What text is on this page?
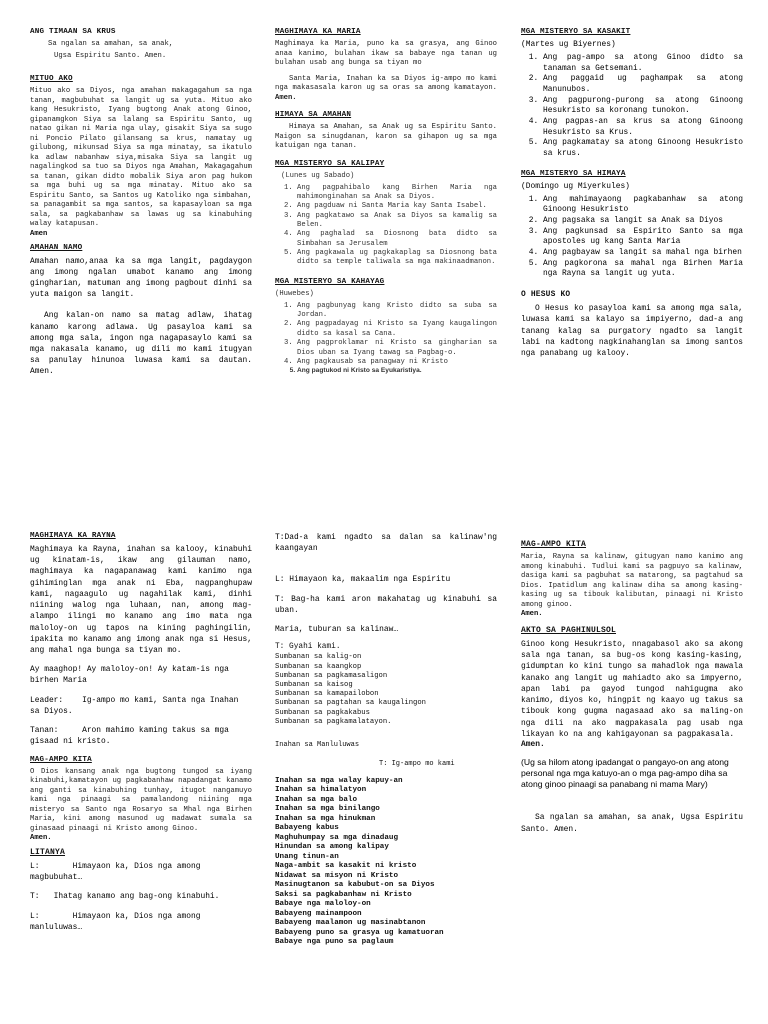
ANG TIMAAN SA KRUS
Sa ngalan sa amahan, sa anak,
Ugsa Espiritu Santo. Amen.
MITUO AKO
Mituo ako sa Diyos, nga amahan makagagahum sa nga tanan, magbubuhat sa langit ug sa yuta. Mituo ako kang Hesukristo, Iyang bugtong Anak atong Ginoo, gipanamgkon Siya sa lalang sa Espiritu Santo, ug natao gikan ni Maria nga ulay, gisakit Siya sa sugo ni Poncio Pilato gilansang sa krus, namatay ug gilubong, mikunsad Siya sa mga minatay, sa ikatulo ka adlaw nabanhaw siya,misaka Siya sa langit ug nagalingkod sa tuo sa Diyos nga Amahan, Makagagahum sa tanan, gikan didto mobalik Siya aron pag hukom sa mga buhi ug sa mga minatay. Mituo ako sa Espiritu Santo, sa Santos ug Katoliko nga simbahan, sa panagambit sa mga santos, sa kapasayloan sa mga sala, sa pagkabanhaw sa lawas ug sa kinabuhing walay katapusan.
Amen
AMAHAN NAMO
Amahan namo,anaa ka sa mga langit, pagdaygon ang imong ngalan umabot kanamo ang imong gingharian, matuman ang imong pagbout dinhi sa yuta maigon sa langit.
Ang kalan-on namo sa matag adlaw, ihatag kanamo karong adlawa. Ug pasayloa kami sa among mga sala, ingon nga nagapasaylo kami sa mga nakasala kanamo, ug dili mo kami itugyan sa panulay hinunoa luwasa kami sa dautan. Amen.
MAGHIMAYA KA MARIA
Maghimaya ka Maria, puno ka sa grasya, ang Ginoo anaa kanimo, bulahan ikaw sa babaye nga tanan ug bulahan usab ang bunga sa tiyan mo
Santa Maria, Inahan ka sa Diyos ig-ampo mo kami nga makasasala karon ug sa oras sa among kamatayon. Amen.
HIMAYA SA AMAHAN
Himaya sa Amahan, sa Anak ug sa Espiritu Santo. Maigon sa sinugdanan, karon sa gihapon ug sa mga katuigan nga tanan.
MGA MISTERYO SA KALIPAY
(Lunes ug Sabado)
1. Ang pagpahibalo kang Birhen Maria nga mahimonginahan sa Anak sa Diyos.
2. Ang pagduaw ni Santa Maria kay Santa Isabel.
3. Ang pagkatawo sa Anak sa Diyos sa kamalig sa Belen.
4. Ang paghalad sa Diosnong bata didto sa Simbahan sa Jerusalem
5. Ang pagkawala ug pagkakaplag sa Diosnong bata didto sa temple taliwala sa mga makinaadmanon.
MGA MISTERYO SA KAHAYAG
(Huwebes)
1. Ang pagbunyag kang Kristo didto sa suba sa Jordan.
2. Ang pagpadayag ni Kristo sa Iyang kaugalingon didto sa kasal sa Cana.
3. Ang pagproklamar ni Kristo sa gingharian sa Dios uban sa Iyang tawag sa Pagbag-o.
4. Ang pagkausab sa panagway ni Kristo
5. Ang pagtukod ni Kristo sa Eyukaristiya.
MGA MISTERYO SA KASAKIT
(Martes ug Biyernes)
1. Ang pag-ampo sa atong Ginoo didto sa tanaman sa Getsemani.
2. Ang paggaid ug paghampak sa atong Manunubos.
3. Ang pagpurong-purong sa atong Ginoong Hesukristo sa koronang tunokon.
4. Ang pagpas-an sa krus sa atong Ginoong Hesukristo sa Krus.
5. Ang pagkamatay sa atong Ginoong Hesukristo sa krus.
MGA MISTERYO SA HIMAYA
(Domingo ug Miyerkules)
1. Ang mahimayaong pagkabanhaw sa atong Ginoong Hesukristo
2. Ang pagsaka sa langit sa Anak sa Diyos
3. Ang pagkunsad sa Espirito Santo sa mga apostoles ug kang Santa Maria
4. Ang pagbayaw sa langit sa mahal nga birhen
5. Ang pagkorona sa mahal nga Birhen Maria nga Rayna sa langit ug yuta.
O HESUS KO
O Hesus ko pasayloa kami sa among mga sala, luwasa kami sa kalayo sa impiyerno, dad-a ang tanang kalag sa purgatory ngadto sa langit labi na kadtong nagkinahanglan sa imong santos nga panabang ug kalooy.
MAGHIMAYA KA RAYNA
Maghimaya ka Rayna, inahan sa kalooy, kinabuhi ug kinatam-is, ikaw ang gilauman namo, maghimaya ka nagapanawag kami kanimo nga gihiminglan mga anak ni Eba, nagpanghupaw kami, nagaagulo ug nagahilak kami, dinhi niining walog nga luhaan, nan, among mag-alampo ilingi mo kanamo ang imo mata nga maloloy-on ug tapos na kining paghingilin, ipakita mo kanamo ang imong anak nga si Hesus, ang mahal nga bunga sa tiyan mo.
Ay maaghop! Ay maloloy-on! Ay katam-is nga birhen Maria
Leader:    Ig-ampo mo kami, Santa nga Inahan sa Diyos.
Tanan:     Aron mahimo kaming takus sa mga gisaad ni kristo.
MAG-AMPO KITA
O Dios kansang anak nga bugtong tungod sa iyang kinabuhi,kamatayon ug pagkabanhaw napadangat kanamo ang ganti sa kinabuhing tunhay, itugot nangamuyo kami nga pinaagi sa pamalandong niining mga misteryo sa Santo nga Rosaryo sa Mhal nga Birhen Maria, kini among masunod ug madawat sumala sa ginasaad pinaagi ni Kristo among Ginoo.
Amen.
LITANYA
L:       Himayaon ka, Dios nga among magbubuhat…
T:   Ihatag kanamo ang bag-ong kinabuhi.
L:       Himayaon ka, Dios nga among manluluwas…
T:Dad-a kami ngadto sa dalan sa kalinaw'ng kaangayan
L: Himayaon ka, makaalim nga Espiritu
T: Bag-ha kami aron makahatag ug kinabuhi sa uban.
Maria, tuburan sa kalinaw…
T: Gyahi kami.
Sumbanan sa kalig-on
Sumbanan sa kaangkop
Sumbanan sa pagkamasaligon
Sumbanan sa kaisog
Sumbanan sa kamapailobon
Sumbanan sa pagtahan sa kaugalingon
Sumbanan sa pagkakabus
Sumbanan sa pagkamalatayon.
Inahan sa Manluluwas
T: Ig-ampo mo kami
Inahan sa mga walay kapuy-an
Inahan sa himalatyon
Inahan sa mga balo
Inahan sa mga binilango
Inahan sa mga hinukman
Babayeng kabus
Maghuhumpay sa mga dinadaug
Hinundan sa among kalipay
Unang tinun-an
Naga-ambit sa kasakit ni kristo
Nidawat sa misyon ni Kristo
Masinugtanon sa kabubut-on sa Diyos
Saksi sa pagkabanhaw ni Kristo
Babaye nga maloloy-on
Babayeng mainampoon
Babayeng maalamon ug masinabtanon
Babayeng puno sa grasya ug kamatuoran
Babaye nga puno sa paglaum
MAG-AMPO KITA
Maria, Rayna sa kalinaw, gitugyan namo kanimo ang among kinabuhi. Tudlui kami sa pagpuyo sa kalinaw, dasiga kami sa pagbuhat sa matarong, sa pagtahud sa Dios. Ipatidlum ang kalinaw diha sa among kasing-kasing ug sa tibouk kalibutan, pinaagi ni Kristo among ginoo.
Amen.
AKTO SA PAGHINULSOL
Ginoo kong Hesukristo, nnagabasol ako sa akong sala nga tanan, sa bug-os kong kasing-kasing, gidumptan ko kini tungo sa mahadlok nga mawala kanako ang langit ug mahiadto ako sa impyerno, apan labi pa gayod tungod nahigugma ako kanimo, diyos ko, hingpit ng kaayo ug takus sa tibouk kong gugma nagasaad ako sa maling-on nga dili na ako magpakasala pag usab nga likayan ko na ang kahigayonan sa pagpakasala.
Amen.
(Ug sa hilom atong ipadangat o pangayo-on ang atong personal nga mga katuyo-an o mga pag-ampo diha sa atong ginoo pinaagi sa panabang ni mama Mary)
Sa ngalan sa amahan, sa anak, Ugsa Espiritu Santo. Amen.
